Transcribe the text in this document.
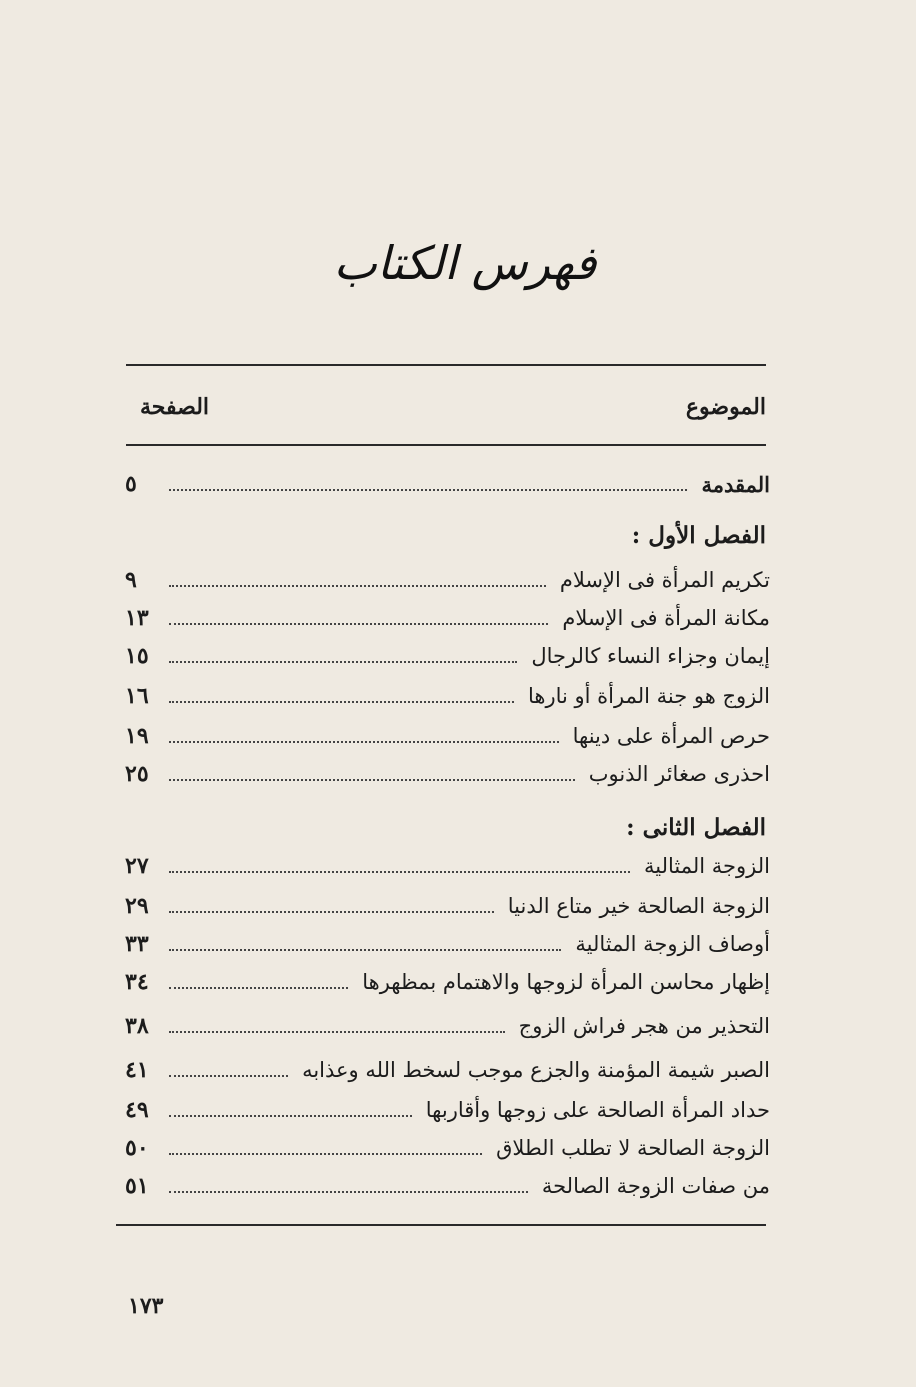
فهرس الكتاب
الموضوع
الصفحة
المقدمة
٥
الفصل الأول :
تكريم المرأة فى الإسلام
٩
مكانة المرأة فى الإسلام
١٣
إيمان وجزاء النساء كالرجال
١٥
الزوج هو جنة المرأة أو نارها
١٦
حرص المرأة على دينها
١٩
احذرى صغائر الذنوب
٢٥
الفصل الثانى :
الزوجة المثالية
٢٧
الزوجة الصالحة خير متاع الدنيا
٢٩
أوصاف الزوجة المثالية
٣٣
إظهار محاسن المرأة لزوجها والاهتمام بمظهرها
٣٤
التحذير من هجر فراش الزوج
٣٨
الصبر شيمة المؤمنة والجزع موجب لسخط الله وعذابه
٤١
حداد المرأة الصالحة على زوجها وأقاربها
٤٩
الزوجة الصالحة لا تطلب الطلاق
٥٠
من صفات الزوجة الصالحة
٥١
١٧٣
